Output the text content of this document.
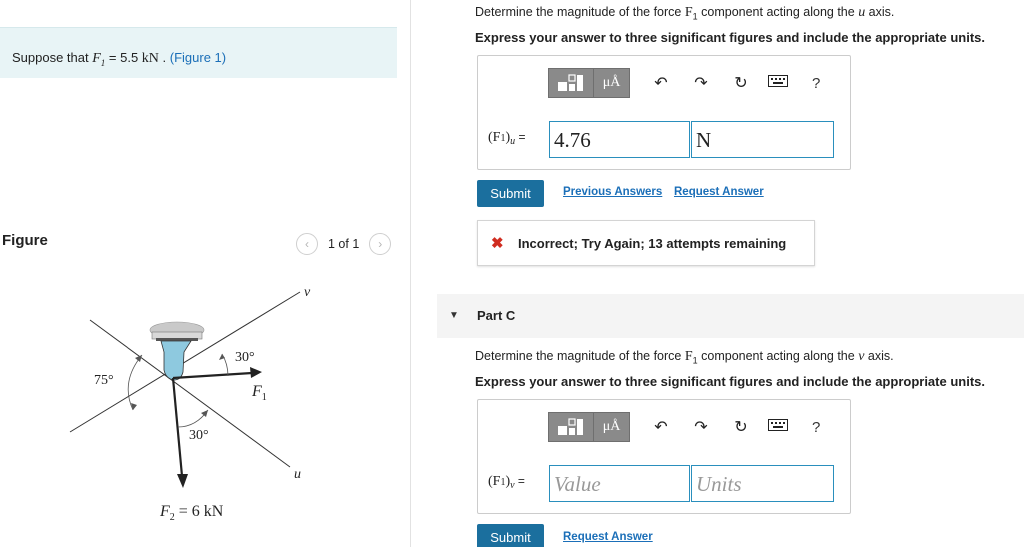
Suppose that $F_1 = 5.5$ kN . (Figure 1)
Figure	‹	1 of 1	›
v
u
30°
75°
30°
$F_1$
$F_2 = 6$ kN
Determine the magnitude of the force $F_1$ component acting along the u axis.
Express your answer to three significant figures and include the appropriate units.
μÅ	↶ ↷ ↻	?
$(F1)_u = 4.76$	N
Submit	Previous Answers Request Answer
✖ Incorrect; Try Again; 13 attempts remaining
▼ Part C
Determine the magnitude of the force $F_1$ component acting along the v axis.
Express your answer to three significant figures and include the appropriate units.
μÅ	↶ ↷ ↻	?
$(F1)_v$ = Value	Units
Submit	Request Answer
